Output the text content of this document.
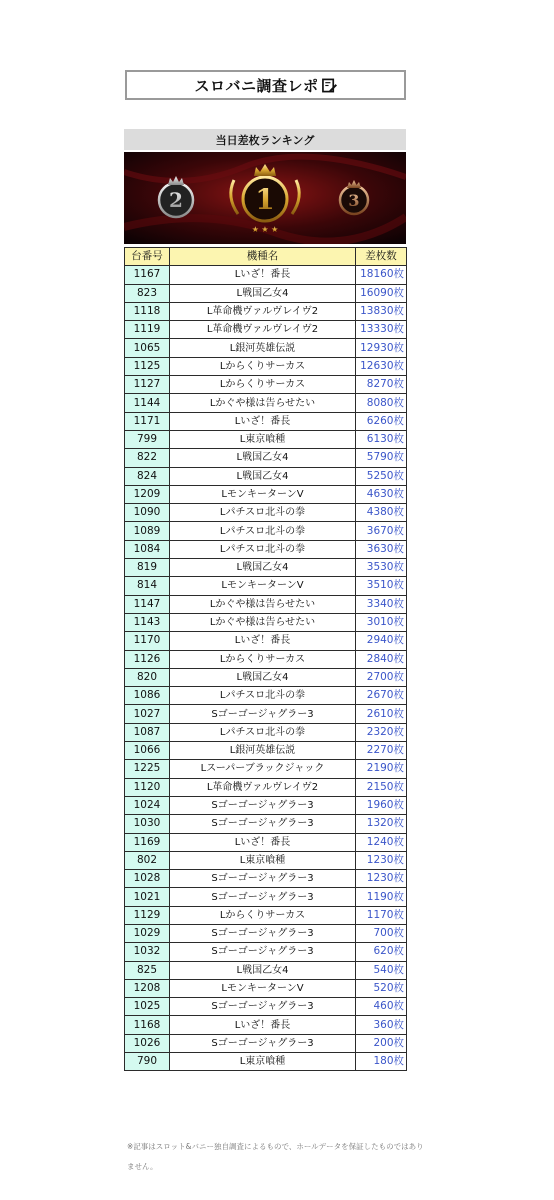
スロバニ調査レポ
当日差枚ランキング
2	1
★ ★ ★
3
台番号	機種名	差枚数
1167	Lいざ！番長	18160枚
823	L戦国乙女4	16090枚
1118	L革命機ヴァルヴレイヴ2	13830枚
1119	L革命機ヴァルヴレイヴ2	13330枚
1065	L銀河英雄伝説	12930枚
1125	Lからくりサーカス	12630枚
1127	Lからくりサーカス	8270枚
1144	Lかぐや様は告らせたい	8080枚
1171	Lいざ！番長	6260枚
799	L東京喰種	6130枚
822	L戦国乙女4	5790枚
824	L戦国乙女4	5250枚
1209	LモンキーターンV	4630枚
1090	Lパチスロ北斗の拳	4380枚
1089	Lパチスロ北斗の拳	3670枚
1084	Lパチスロ北斗の拳	3630枚
819	L戦国乙女4	3530枚
814	LモンキーターンV	3510枚
1147	Lかぐや様は告らせたい	3340枚
1143	Lかぐや様は告らせたい	3010枚
1170	Lいざ！番長	2940枚
1126	Lからくりサーカス	2840枚
820	L戦国乙女4	2700枚
1086	Lパチスロ北斗の拳	2670枚
1027	Sゴーゴージャグラー3	2610枚
1087	Lパチスロ北斗の拳	2320枚
1066	L銀河英雄伝説	2270枚
1225	Lスーパーブラックジャック	2190枚
1120	L革命機ヴァルヴレイヴ2	2150枚
1024	Sゴーゴージャグラー3	1960枚
1030	Sゴーゴージャグラー3	1320枚
1169	Lいざ！番長	1240枚
802	L東京喰種	1230枚
1028	Sゴーゴージャグラー3	1230枚
1021	Sゴーゴージャグラー3	1190枚
1129	Lからくりサーカス	1170枚
1029	Sゴーゴージャグラー3	700枚
1032	Sゴーゴージャグラー3	620枚
825	L戦国乙女4	540枚
1208	LモンキーターンV	520枚
1025	Sゴーゴージャグラー3	460枚
1168	Lいざ！番長	360枚
1026	Sゴーゴージャグラー3	200枚
790	L東京喰種	180枚
※記事はスロット&バニー独自調査によるもので、ホールデータを保証したものではありません。
